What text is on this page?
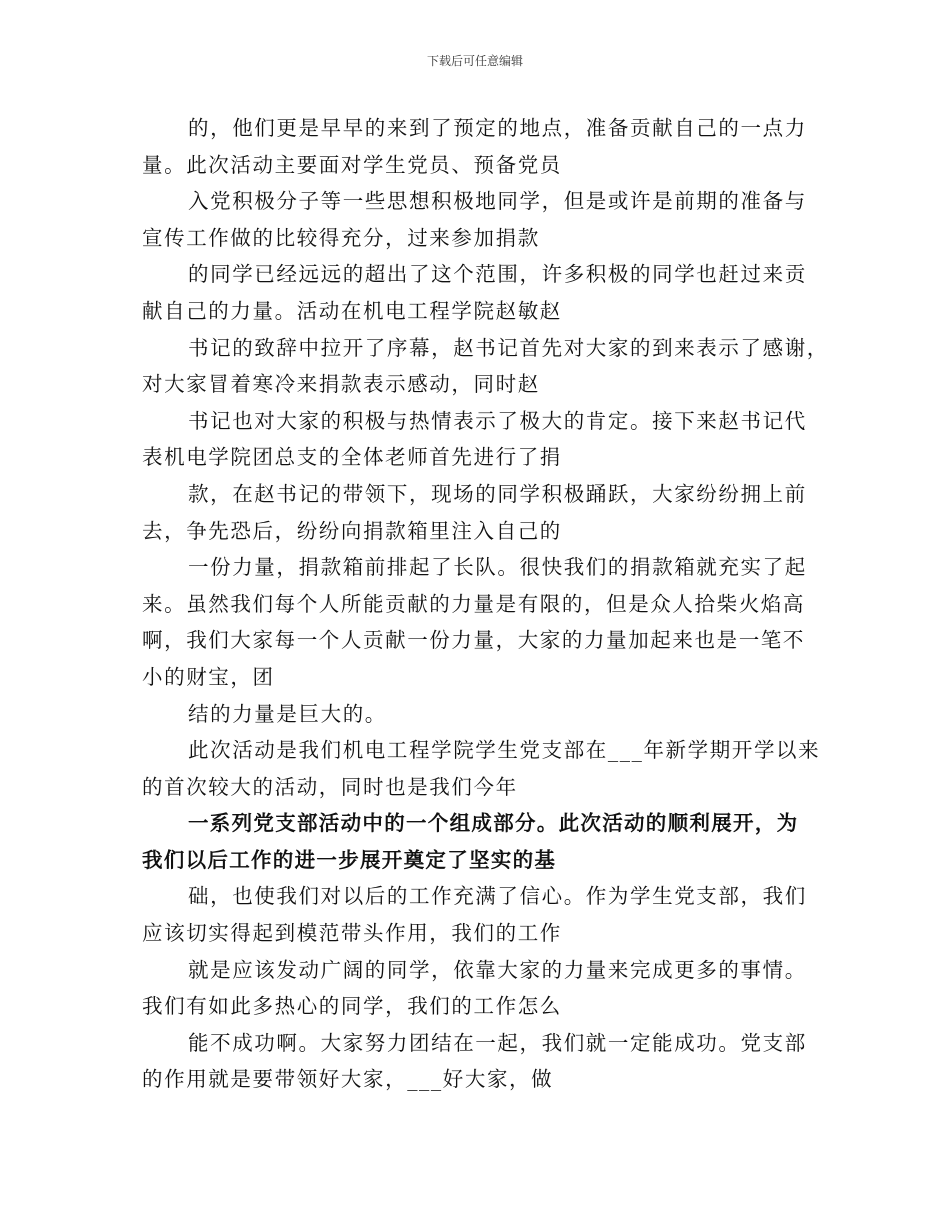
下载后可任意编辑

的，他们更是早早的来到了预定的地点，准备贡献自己的一点力
量。此次活动主要面对学生党员、预备党员

入党积极分子等一些思想积极地同学，但是或许是前期的准备与
宣传工作做的比较得充分，过来参加捐款

的同学已经远远的超出了这个范围，许多积极的同学也赶过来贡
献自己的力量。活动在机电工程学院赵敏赵

书记的致辞中拉开了序幕，赵书记首先对大家的到来表示了感谢，
对大家冒着寒冷来捐款表示感动，同时赵

书记也对大家的积极与热情表示了极大的肯定。接下来赵书记代
表机电学院团总支的全体老师首先进行了捐

款，在赵书记的带领下，现场的同学积极踊跃，大家纷纷拥上前
去，争先恐后，纷纷向捐款箱里注入自己的

一份力量，捐款箱前排起了长队。很快我们的捐款箱就充实了起
来。虽然我们每个人所能贡献的力量是有限的，但是众人拾柴火焰高
啊，我们大家每一个人贡献一份力量，大家的力量加起来也是一笔不
小的财宝，团

结的力量是巨大的。

此次活动是我们机电工程学院学生党支部在___年新学期开学以来
的首次较大的活动，同时也是我们今年

一系列党支部活动中的一个组成部分。此次活动的顺利展开，为
我们以后工作的进一步展开奠定了坚实的基

础，也使我们对以后的工作充满了信心。作为学生党支部，我们
应该切实得起到模范带头作用，我们的工作

就是应该发动广阔的同学，依靠大家的力量来完成更多的事情。
我们有如此多热心的同学，我们的工作怎么

能不成功啊。大家努力团结在一起，我们就一定能成功。党支部
的作用就是要带领好大家，___好大家，做
